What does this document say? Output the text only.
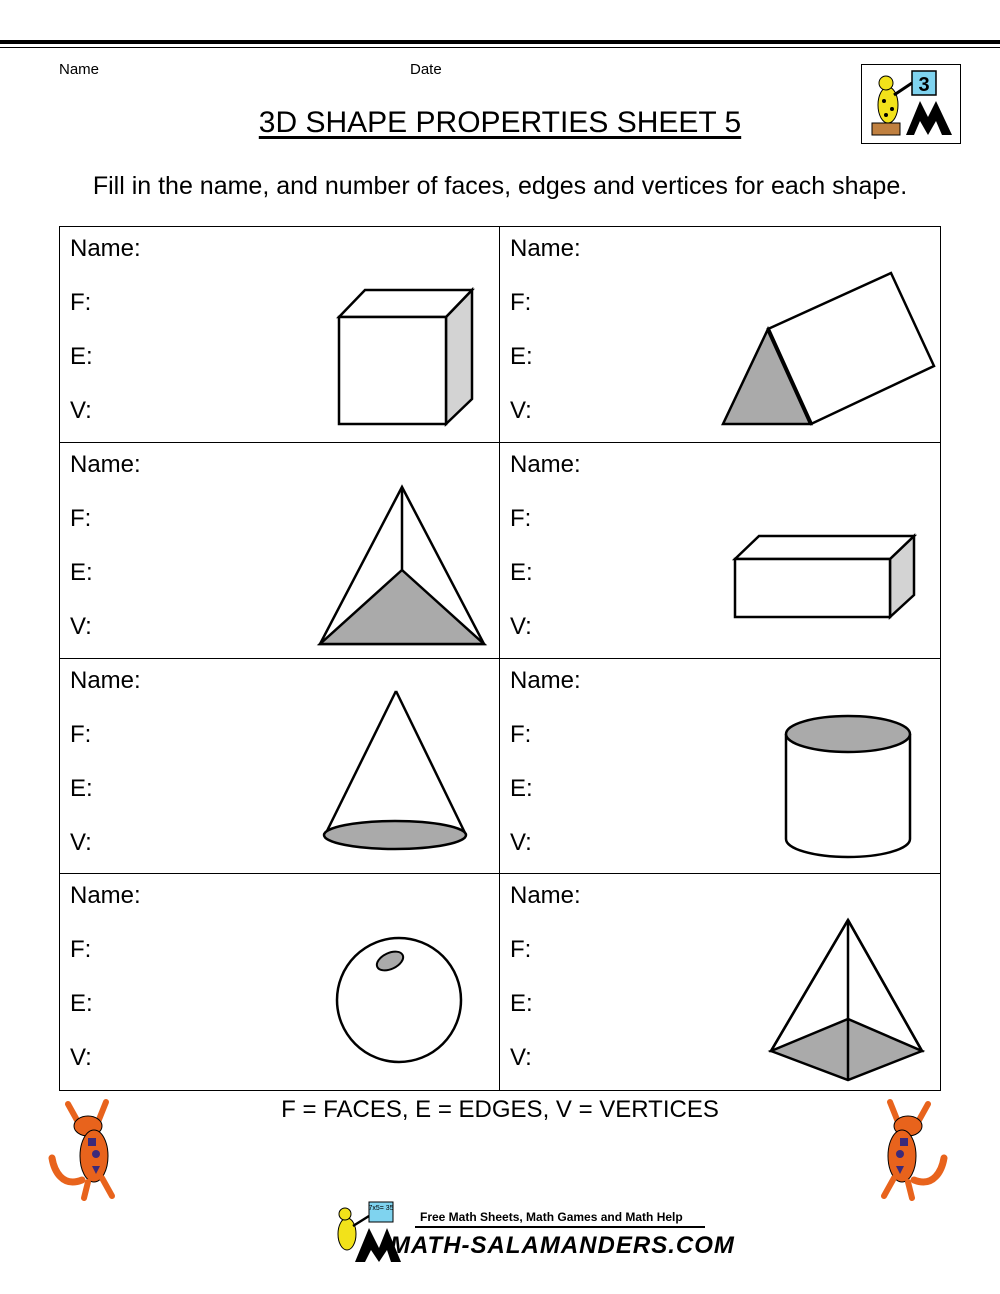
Name	Date
3
3D SHAPE PROPERTIES SHEET 5
Fill in the name, and number of faces, edges and vertices for each shape.
Name:
F:
E:
V:
Name:
F:
E:
V:
Name:
F:
E:
V:
Name:
F:
E:
V:
Name:
F:
E:
V:
Name:
F:
E:
V:
Name:
F:
E:
V:
Name:
F:
E:
V:
F = FACES, E = EDGES, V = VERTICES
7x5= 35
Free Math Sheets, Math Games and Math Help
MATH-SALAMANDERS.COM
